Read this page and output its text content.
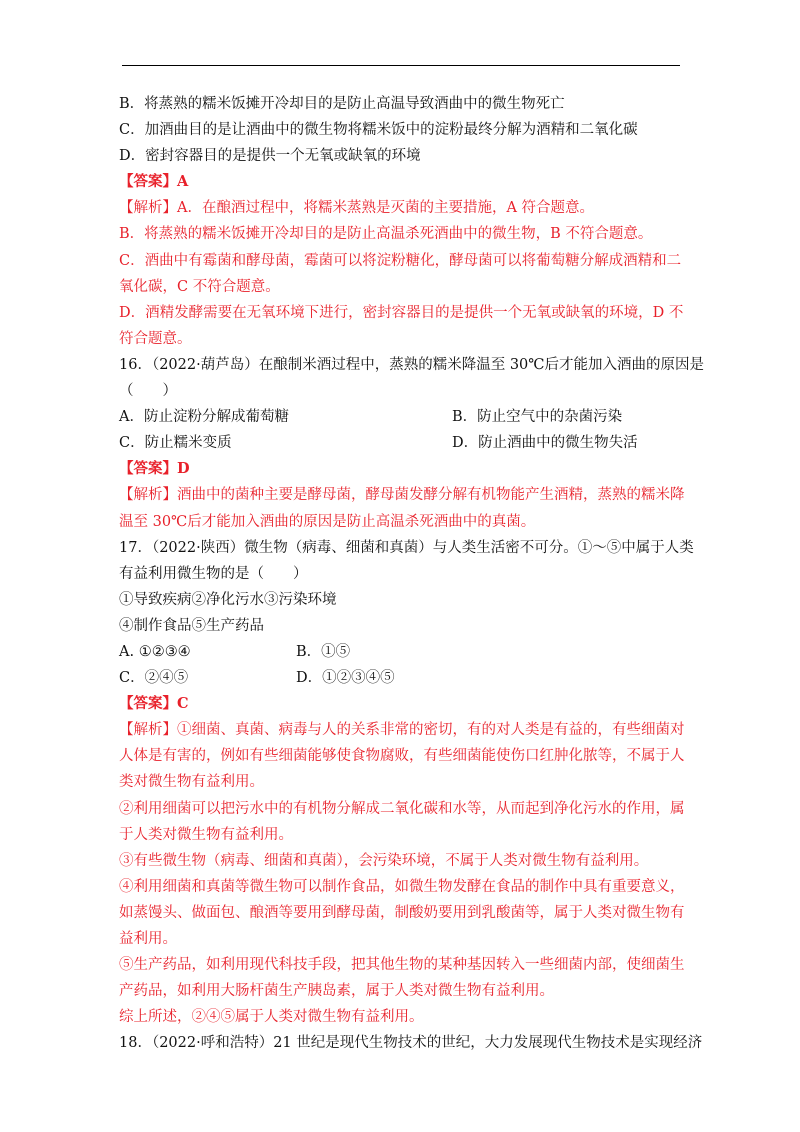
B．将蒸熟的糯米饭摊开冷却目的是防止高温导致酒曲中的微生物死亡
C．加酒曲目的是让酒曲中的微生物将糯米饭中的淀粉最终分解为酒精和二氧化碳
D．密封容器目的是提供一个无氧或缺氧的环境
【答案】A
【解析】A．在酿酒过程中，将糯米蒸熟是灭菌的主要措施，A 符合题意。
B．将蒸熟的糯米饭摊开冷却目的是防止高温杀死酒曲中的微生物，B 不符合题意。
C．酒曲中有霉菌和酵母菌，霉菌可以将淀粉糖化，酵母菌可以将葡萄糖分解成酒精和二
氧化碳，C 不符合题意。
D．酒精发酵需要在无氧环境下进行，密封容器目的是提供一个无氧或缺氧的环境，D 不
符合题意。
16．（2022·葫芦岛）在酿制米酒过程中，蒸熟的糯米降温至 30℃后才能加入酒曲的原因是
（　　）
A．防止淀粉分解成葡萄糖	B．防止空气中的杂菌污染
C．防止糯米变质	D．防止酒曲中的微生物失活
【答案】D
【解析】酒曲中的菌种主要是酵母菌，酵母菌发酵分解有机物能产生酒精，蒸熟的糯米降
温至 30℃后才能加入酒曲的原因是防止高温杀死酒曲中的真菌。
17．（2022·陕西）微生物（病毒、细菌和真菌）与人类生活密不可分。①～⑤中属于人类
有益利用微生物的是（　　）
①导致疾病②净化污水③污染环境
④制作食品⑤生产药品
A. ①②③④	B．①⑤
C．②④⑤	D．①②③④⑤
【答案】C
【解析】①细菌、真菌、病毒与人的关系非常的密切，有的对人类是有益的，有些细菌对
人体是有害的，例如有些细菌能够使食物腐败，有些细菌能使伤口红肿化脓等，不属于人
类对微生物有益利用。
②利用细菌可以把污水中的有机物分解成二氧化碳和水等，从而起到净化污水的作用，属
于人类对微生物有益利用。
③有些微生物（病毒、细菌和真菌），会污染环境，不属于人类对微生物有益利用。
④利用细菌和真菌等微生物可以制作食品，如微生物发酵在食品的制作中具有重要意义，
如蒸馒头、做面包、酿酒等要用到酵母菌，制酸奶要用到乳酸菌等，属于人类对微生物有
益利用。
⑤生产药品，如利用现代科技手段，把其他生物的某种基因转入一些细菌内部，使细菌生
产药品，如利用大肠杆菌生产胰岛素，属于人类对微生物有益利用。
综上所述，②④⑤属于人类对微生物有益利用。
18．（2022·呼和浩特）21 世纪是现代生物技术的世纪，大力发展现代生物技术是实现经济
